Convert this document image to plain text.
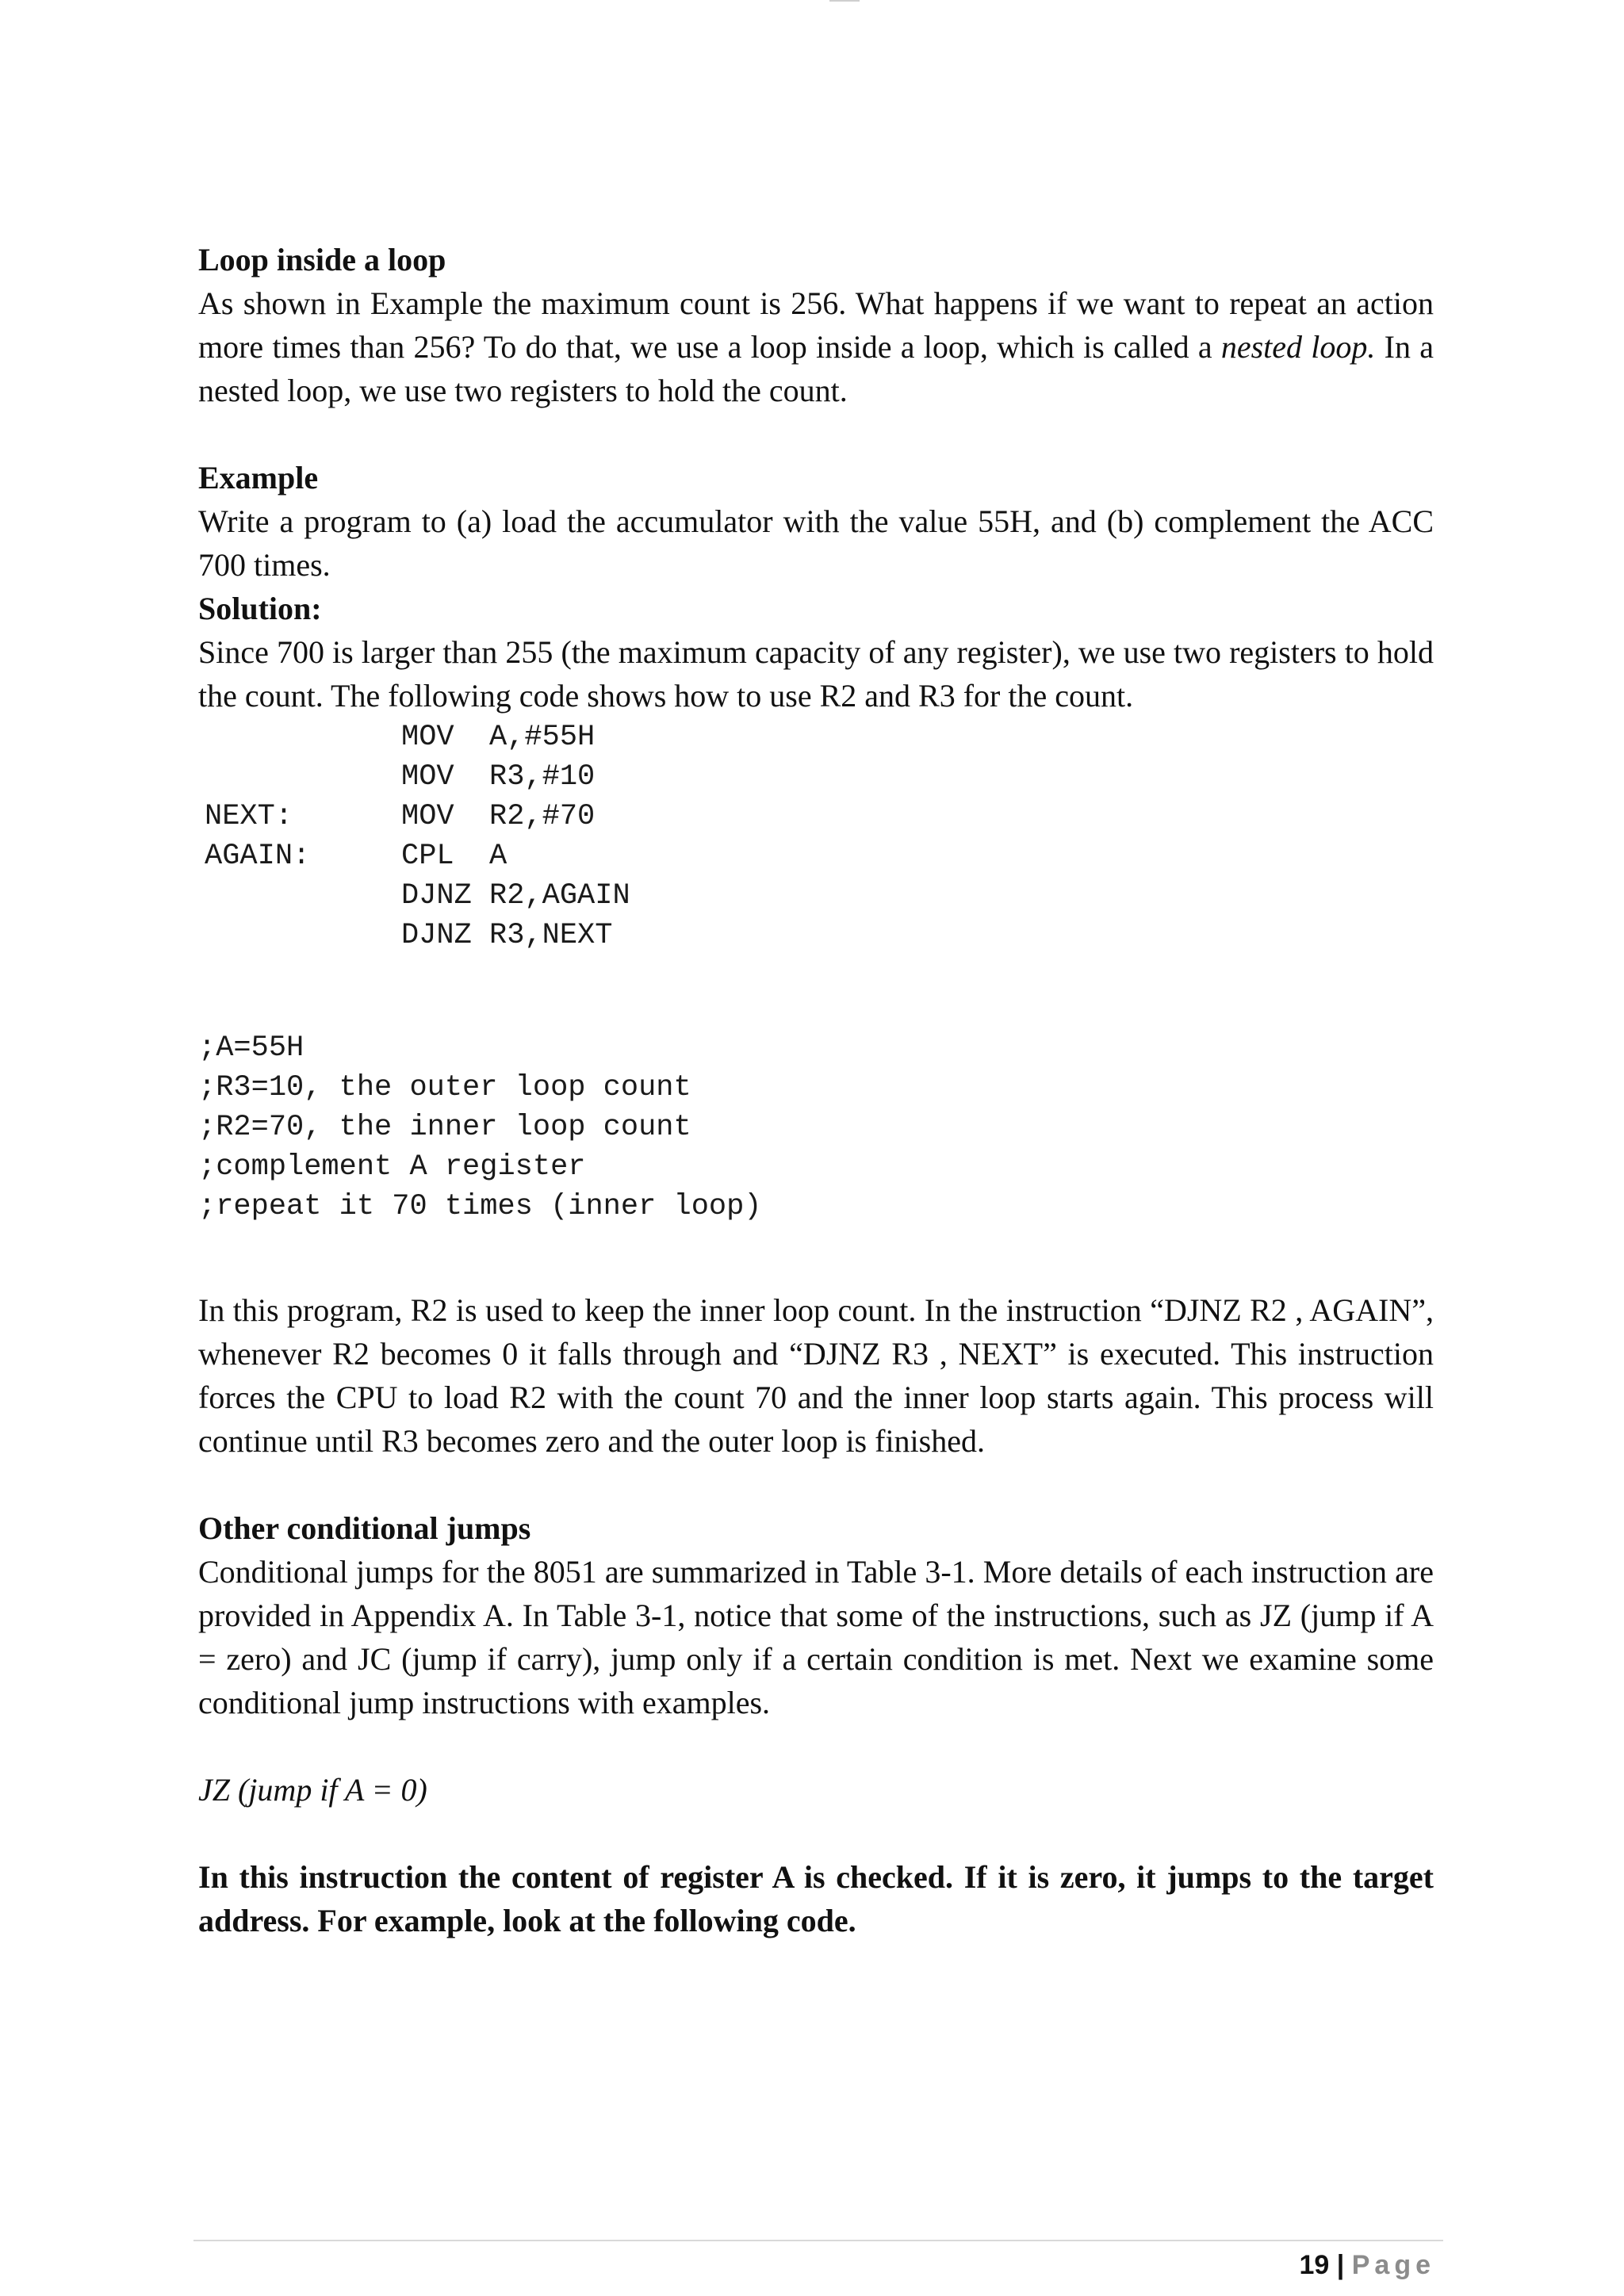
Loop inside a loop

As shown in Example the maximum count is 256. What happens if we want to repeat an action more times than 256? To do that, we use a loop inside a loop, which is called a nested loop. In a nested loop, we use two registers to hold the count.

Example

Write a program to (a) load the accumulator with the value 55H, and (b) complement the ACC 700 times.

Solution:

Since 700 is larger than 255 (the maximum capacity of any register), we use two registers to hold the count. The following code shows how to use R2 and R3 for the count.

MOV  A,#55H
MOV  R3,#10
NEXT:	MOV  R2,#70
AGAIN:	CPL  A
DJNZ R2,AGAIN
DJNZ R3,NEXT
;A=55H
;R3=10, the outer loop count
;R2=70, the inner loop count
;complement A register
;repeat it 70 times (inner loop)

In this program, R2 is used to keep the inner loop count. In the instruction “DJNZ R2 , AGAIN”, whenever R2 becomes 0 it falls through and “DJNZ R3 , NEXT” is executed. This instruction forces the CPU to load R2 with the count 70 and the inner loop starts again. This process will continue until R3 becomes zero and the outer loop is finished.

Other conditional jumps

Conditional jumps for the 8051 are summarized in Table 3-1. More details of each instruction are provided in Appendix A. In Table 3-1, notice that some of the instructions, such as JZ (jump if A = zero) and JC (jump if carry), jump only if a certain condition is met. Next we examine some conditional jump instructions with examples.

JZ (jump if A = 0)

In this instruction the content of register A is checked. If it is zero, it jumps to the target address. For example, look at the following code.

19 | Page
